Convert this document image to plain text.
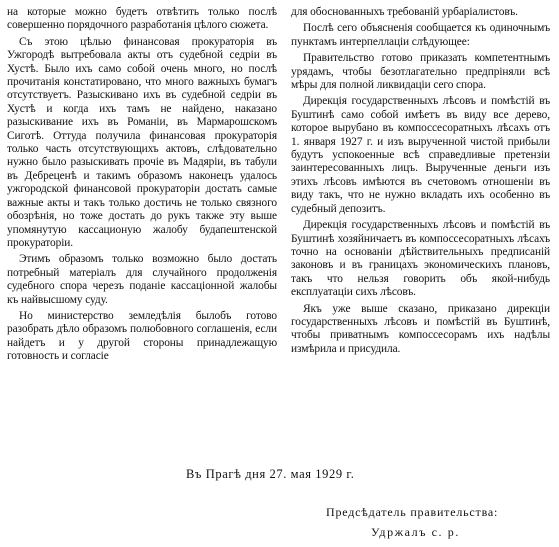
на которые можно будетъ отвѣтить только послѣ совершенно порядочного разработанія цѣлого сюжета.

Съ этою цѣлью финансовая прокураторія въ Ужгородѣ вытребовала акты отъ судебной седріи въ Хустѣ. Было ихъ само собой очень много, но послѣ прочитанія констатировано, что много важныхъ бумагъ отсутствуетъ. Разыскивано ихъ въ судебной седріи въ Хустѣ и когда ихъ тамъ не найдено, наказано разыскивание ихъ въ Романіи, въ Мармарошскомъ Сиготѣ. Оттуда получила финансовая прокураторія только часть отсутствующихъ актовъ, слѣдовательно нужно было разыскивать прочіе въ Мадяріи, въ табули въ Дебреценѣ и такимъ образомъ наконецъ удалось ужгородской финансовой прокураторіи достать самые важные акты и такъ только достичь не только связного обозрѣнія, но тоже достать до рукъ также эту выше упомянутую кассационую жалобу будапештенской прокураторіи.

Этимъ образомъ только возможно было достать потребный матеріалъ для случайного продолженія судебного спора черезъ поданіе кассаціонной жалобы къ найвысшому суду.

Но министерство земледѣлія былобъ готово разобрать дѣло образомъ полюбовного соглашенія, если найдетъ и у другой стороны принадлежащую готовность и согласіе

для обоснованныхъ требованій урбаріалистовъ.

Послѣ сего объясненія сообщается къ одиночнымъ пунктамъ интерпеллаціи слѣдующее:

Правительство готово приказать компетентнымъ урядамъ, чтобы безотлагательно предпріняли всѣ мѣры для полной ликвидаціи сего спора.

Дирекція государственныхъ лѣсовъ и помѣстій въ Буштинѣ само собой имѣетъ въ виду все дерево, которое вырубано въ компоссесоратныхъ лѣсахъ отъ 1. января 1927 г. и изъ вырученной чистой прибыли будутъ успокоенные всѣ справедливые претензіи заинтересованныхъ лицъ. Вырученные деньги изъ этихъ лѣсовъ имѣются въ счетовомъ отношеніи въ виду такъ, что не нужно вкладать ихъ особенно въ судебный депозитъ.

Дирекція государственныхъ лѣсовъ и помѣстій въ Буштинѣ хозяйничаетъ въ компоссесоратныхъ лѣсахъ точно на основаніи дѣйствительныхъ предписаній законовъ и въ границахъ экономическихъ плановъ, такъ что нельзя говорить объ якой-нибудь експлуатаціи сихъ лѣсовъ.

Якъ уже выше сказано, приказано дирекціи государственныхъ лѣсовъ и помѣстій въ Буштинѣ, чтобы приватнымъ компоссесорамъ ихъ надѣлы измѣрила и присудила.

Въ Прагѣ дня 27. мая 1929 г.
Предсѣдатель правительства:
Удржалъ с. р.
